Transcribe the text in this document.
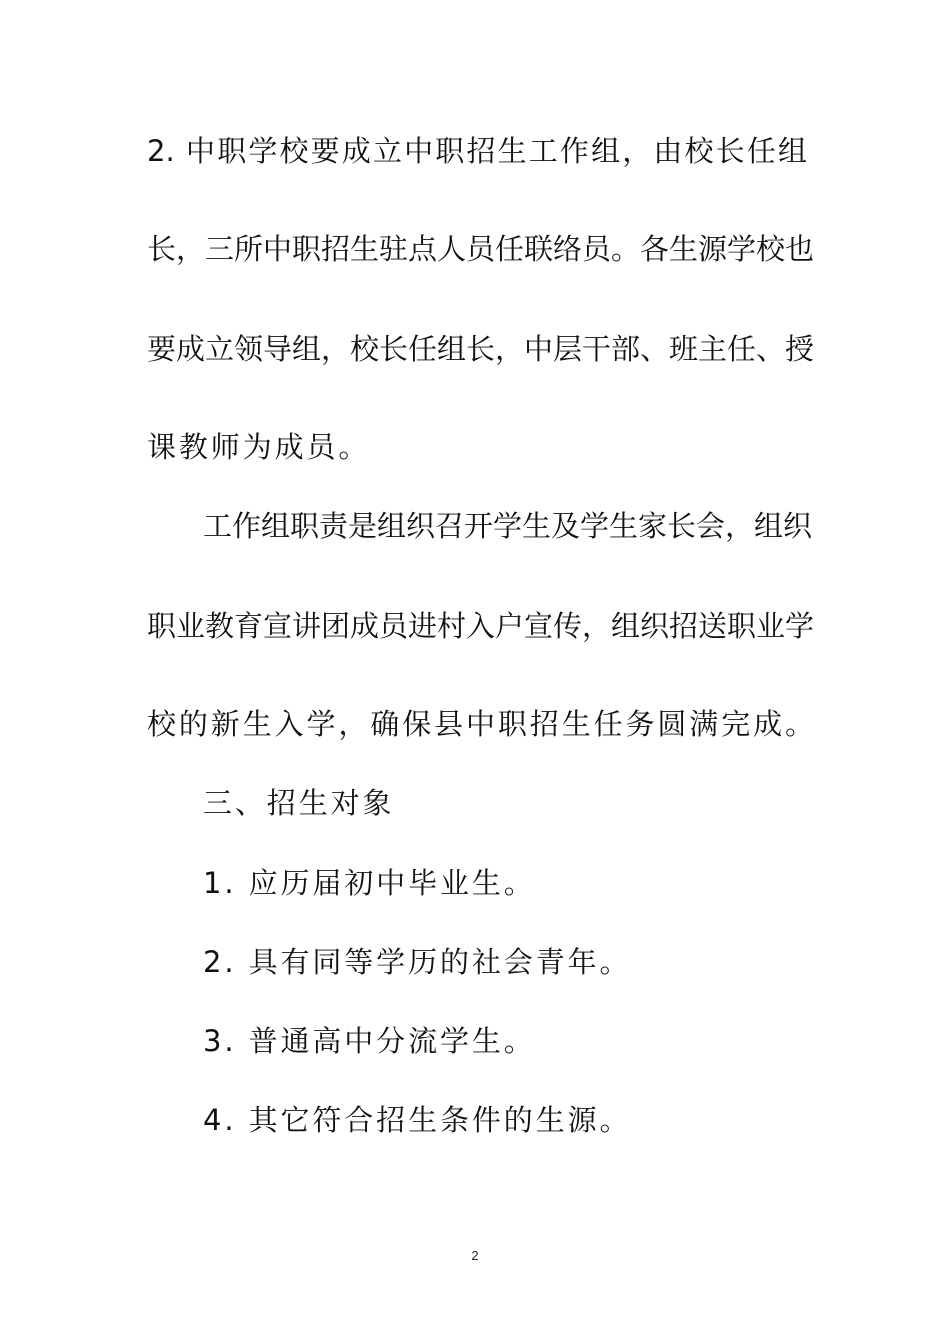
2. 中职学校要成立中职招生工作组，由校长任组
长，三所中职招生驻点人员任联络员。各生源学校也
要成立领导组，校长任组长，中层干部、班主任、授
课教师为成员。
工作组职责是组织召开学生及学生家长会，组织
职业教育宣讲团成员进村入户宣传，组织招送职业学
校的新生入学，确保县中职招生任务圆满完成。
三、招生对象
1. 应历届初中毕业生。
2. 具有同等学历的社会青年。
3. 普通高中分流学生。
4. 其它符合招生条件的生源。
2
